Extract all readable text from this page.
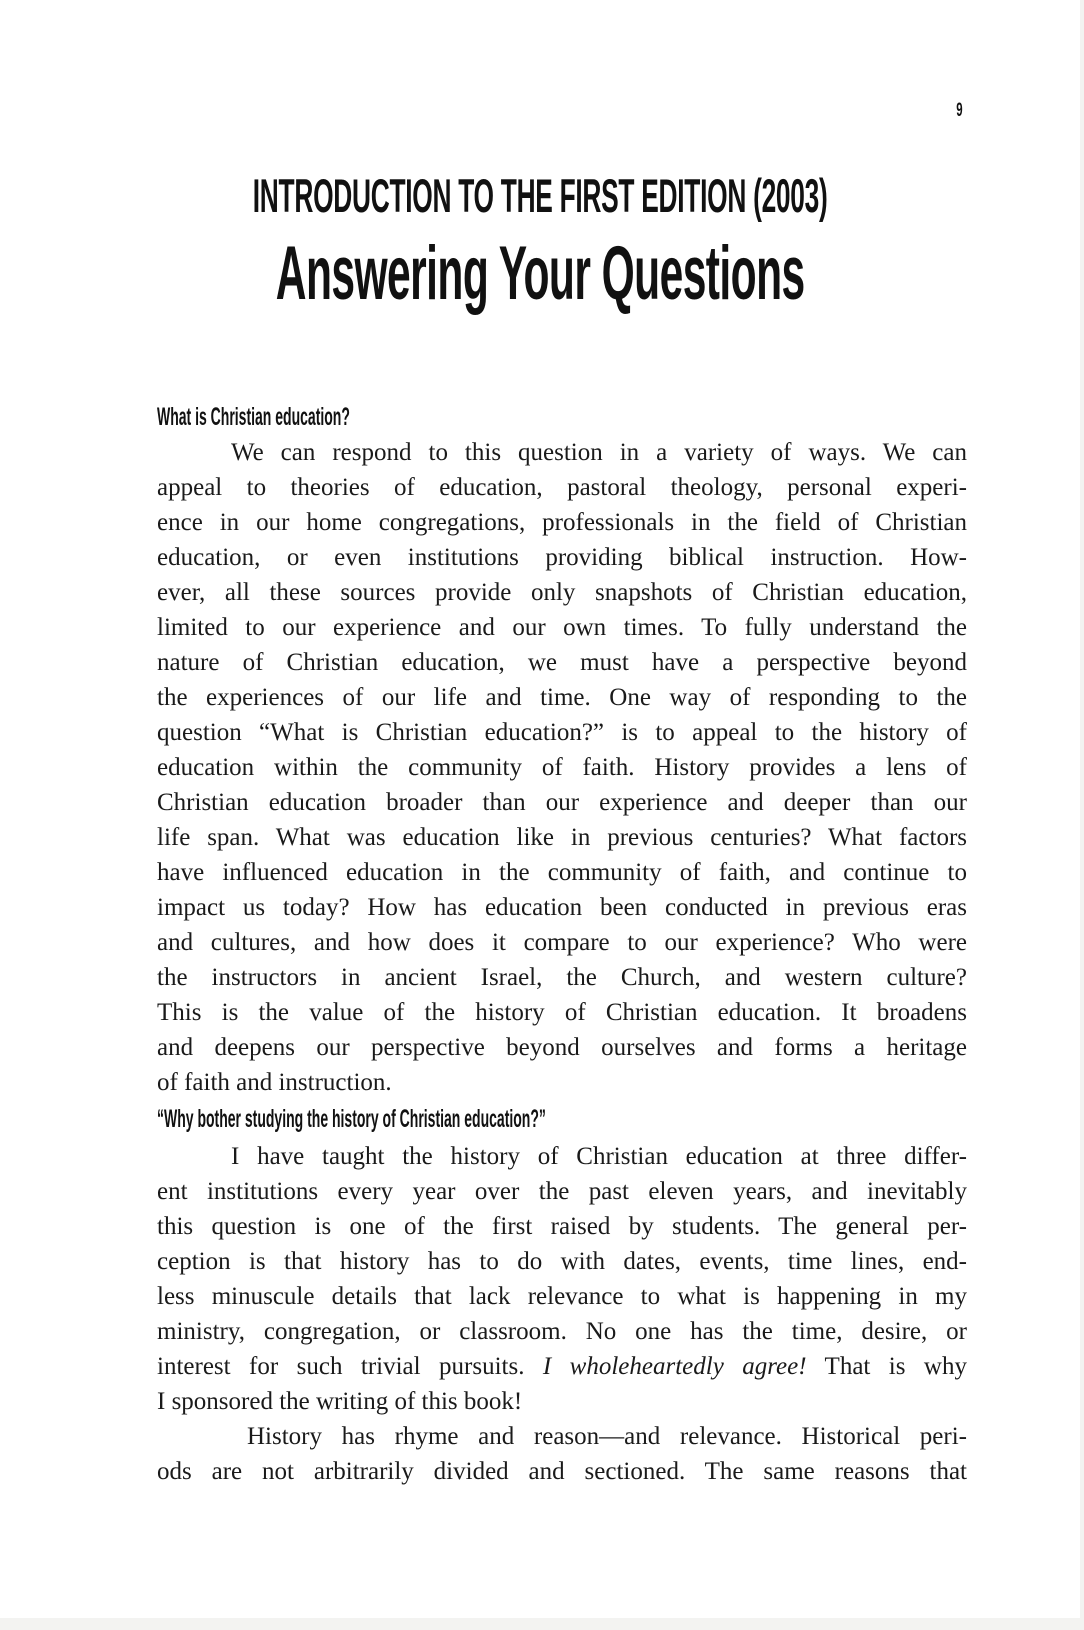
9
INTRODUCTION TO THE FIRST EDITION (2003)
Answering Your Questions
What is Christian education?
We can respond to this question in a variety of ways. We can
appeal to theories of education, pastoral theology, personal experi-
ence in our home congregations, professionals in the field of Christian
education, or even institutions providing biblical instruction. How-
ever, all these sources provide only snapshots of Christian education,
limited to our experience and our own times. To fully understand the
nature of Christian education, we must have a perspective beyond
the experiences of our life and time. One way of responding to the
question “What is Christian education?” is to appeal to the history of
education within the community of faith. History provides a lens of
Christian education broader than our experience and deeper than our
life span. What was education like in previous centuries? What factors
have influenced education in the community of faith, and continue to
impact us today? How has education been conducted in previous eras
and cultures, and how does it compare to our experience? Who were
the instructors in ancient Israel, the Church, and western culture?
This is the value of the history of Christian education. It broadens
and deepens our perspective beyond ourselves and forms a heritage
of faith and instruction.
“Why bother studying the history of Christian education?”
I have taught the history of Christian education at three differ-
ent institutions every year over the past eleven years, and inevitably
this question is one of the first raised by students. The general per-
ception is that history has to do with dates, events, time lines, end-
less minuscule details that lack relevance to what is happening in my
ministry, congregation, or classroom. No one has the time, desire, or
interest for such trivial pursuits. I wholeheartedly agree! That is why
I sponsored the writing of this book!
History has rhyme and reason—and relevance. Historical peri-
ods are not arbitrarily divided and sectioned. The same reasons that
